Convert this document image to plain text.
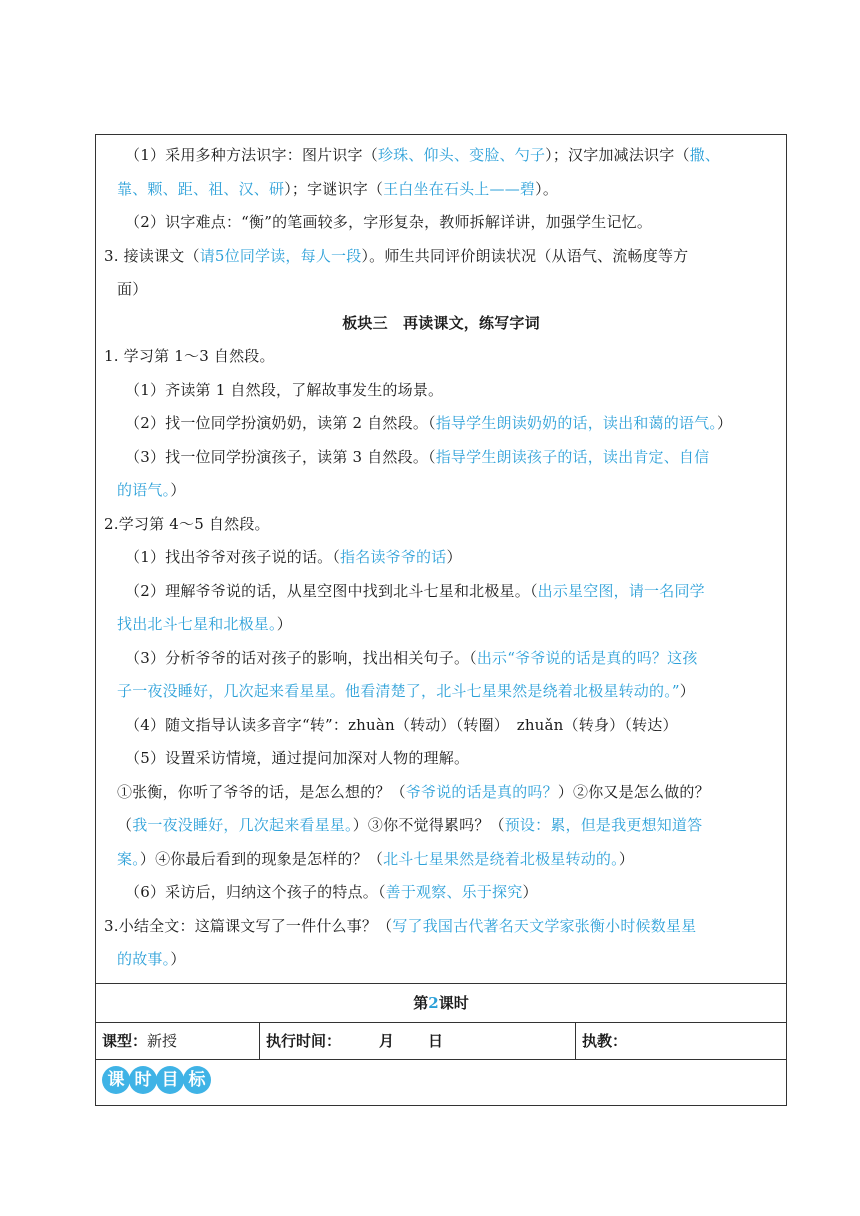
（1）采用多种方法识字：图片识字（珍珠、仰头、变脸、勺子）；汉字加减法识字（撒、
靠、颗、距、祖、汉、研）；字谜识字（王白坐在石头上——碧）。
（2）识字难点：“衡”的笔画较多，字形复杂，教师拆解详讲，加强学生记忆。
3. 接读课文（请5位同学读，每人一段）。师生共同评价朗读状况（从语气、流畅度等方
面）
板块三　再读课文，练写字词
1. 学习第 1～3 自然段。
（1）齐读第 1 自然段，了解故事发生的场景。
（2）找一位同学扮演奶奶，读第 2 自然段。（指导学生朗读奶奶的话，读出和蔼的语气。）
（3）找一位同学扮演孩子，读第 3 自然段。（指导学生朗读孩子的话，读出肯定、自信
的语气。）
2.学习第 4～5 自然段。
（1）找出爷爷对孩子说的话。（指名读爷爷的话）
（2）理解爷爷说的话，从星空图中找到北斗七星和北极星。（出示星空图，请一名同学
找出北斗七星和北极星。）
（3）分析爷爷的话对孩子的影响，找出相关句子。（出示“爷爷说的话是真的吗？这孩
子一夜没睡好，几次起来看星星。他看清楚了，北斗七星果然是绕着北极星转动的。”）
（4）随文指导认读多音字“转”：zhuàn（转动）（转圈）　zhuǎn（转身）（转达）
（5）设置采访情境，通过提问加深对人物的理解。
①张衡，你听了爷爷的话，是怎么想的？（爷爷说的话是真的吗？）②你又是怎么做的？
（我一夜没睡好，几次起来看星星。）③你不觉得累吗？（预设：累，但是我更想知道答
案。）④你最后看到的现象是怎样的？（北斗七星果然是绕着北极星转动的。）
（6）采访后，归纳这个孩子的特点。（善于观察、乐于探究）
3.小结全文：这篇课文写了一件什么事？（写了我国古代著名天文学家张衡小时候数星星
的故事。）
第2课时
课型：新授	执行时间：	月 日	执教：
课 时 目 标
